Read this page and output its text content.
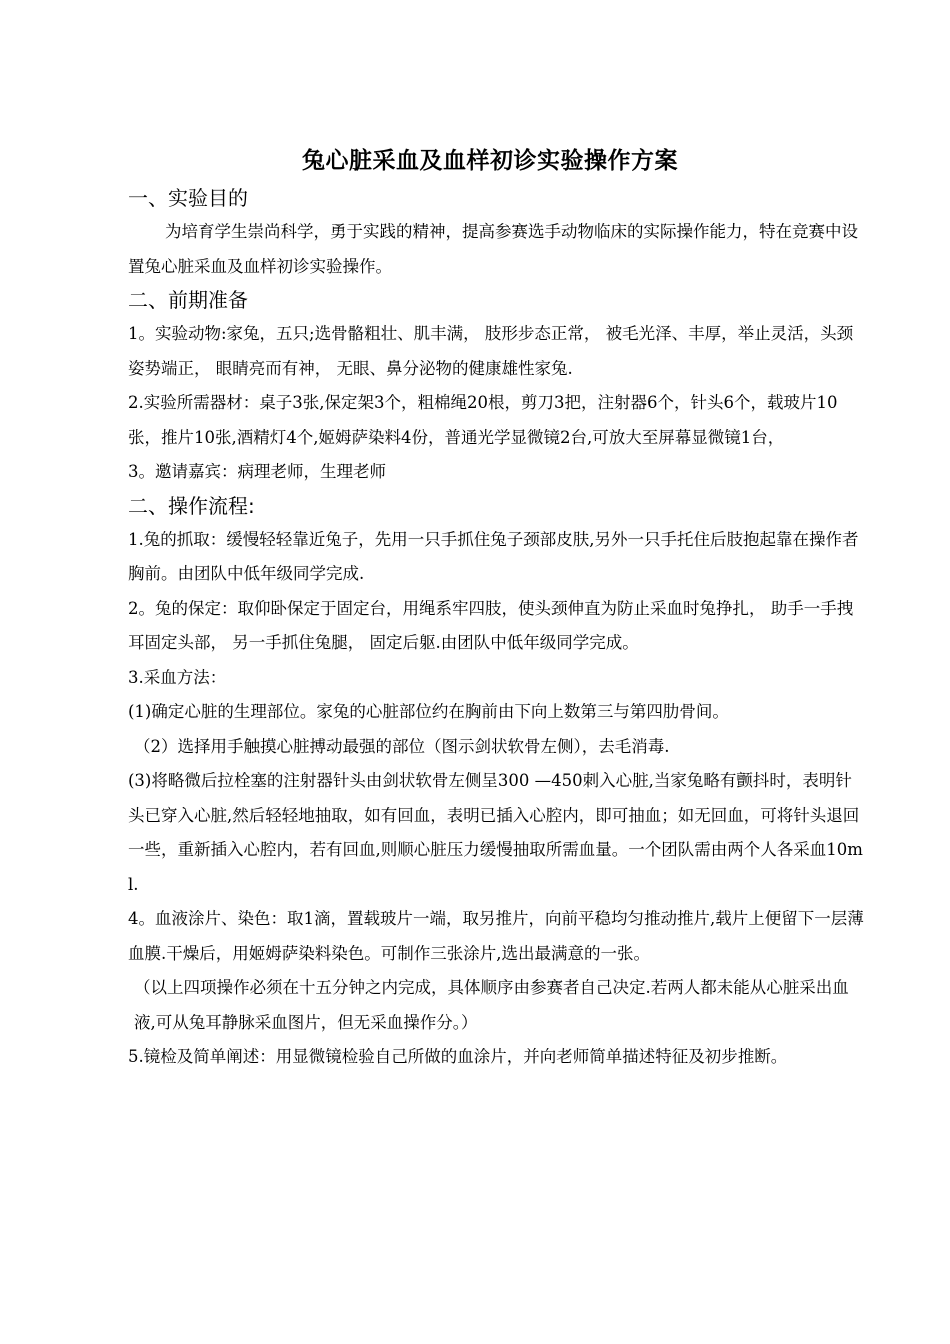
兔心脏采血及血样初诊实验操作方案

一、实验目的

为培育学生崇尚科学，勇于实践的精神，提高参赛选手动物临床的实际操作能力，特在竞赛中设置兔心脏采血及血样初诊实验操作。

二、前期准备

1。实验动物:家兔，五只;选骨骼粗壮、肌丰满， 肢形步态正常， 被毛光泽、丰厚，举止灵活，头颈姿势端正， 眼睛亮而有神， 无眼、鼻分泌物的健康雄性家兔.

2.实验所需器材：桌子3张,保定架3个，粗棉绳20根，剪刀3把，注射器6个，针头6个，载玻片10张，推片10张,酒精灯4个,姬姆萨染料4份，普通光学显微镜2台,可放大至屏幕显微镜1台，

3。邀请嘉宾：病理老师，生理老师

二、操作流程:

1.兔的抓取：缓慢轻轻靠近兔子，先用一只手抓住兔子颈部皮肤,另外一只手托住后肢抱起靠在操作者胸前。由团队中低年级同学完成.

2。兔的保定：取仰卧保定于固定台，用绳系牢四肢，使头颈伸直为防止采血时兔挣扎， 助手一手拽耳固定头部， 另一手抓住兔腿， 固定后躯.由团队中低年级同学完成。

3.采血方法：

(1)确定心脏的生理部位。家兔的心脏部位约在胸前由下向上数第三与第四肋骨间。

（2）选择用手触摸心脏搏动最强的部位（图示剑状软骨左侧），去毛消毒.

(3)将略微后拉栓塞的注射器针头由剑状软骨左侧呈300 —450刺入心脏,当家兔略有颤抖时，表明针头已穿入心脏,然后轻轻地抽取，如有回血，表明已插入心腔内，即可抽血；如无回血，可将针头退回一些，重新插入心腔内，若有回血,则顺心脏压力缓慢抽取所需血量。一个团队需由两个人各采血10ml.

4。血液涂片、染色：取1滴，置载玻片一端，取另推片，向前平稳均匀推动推片,载片上便留下一层薄血膜.干燥后，用姬姆萨染料染色。可制作三张涂片,选出最满意的一张。

（以上四项操作必须在十五分钟之内完成，具体顺序由参赛者自己决定.若两人都未能从心脏采出血液,可从兔耳静脉采血图片，但无采血操作分。）

5.镜检及简单阐述：用显微镜检验自己所做的血涂片，并向老师简单描述特征及初步推断。
